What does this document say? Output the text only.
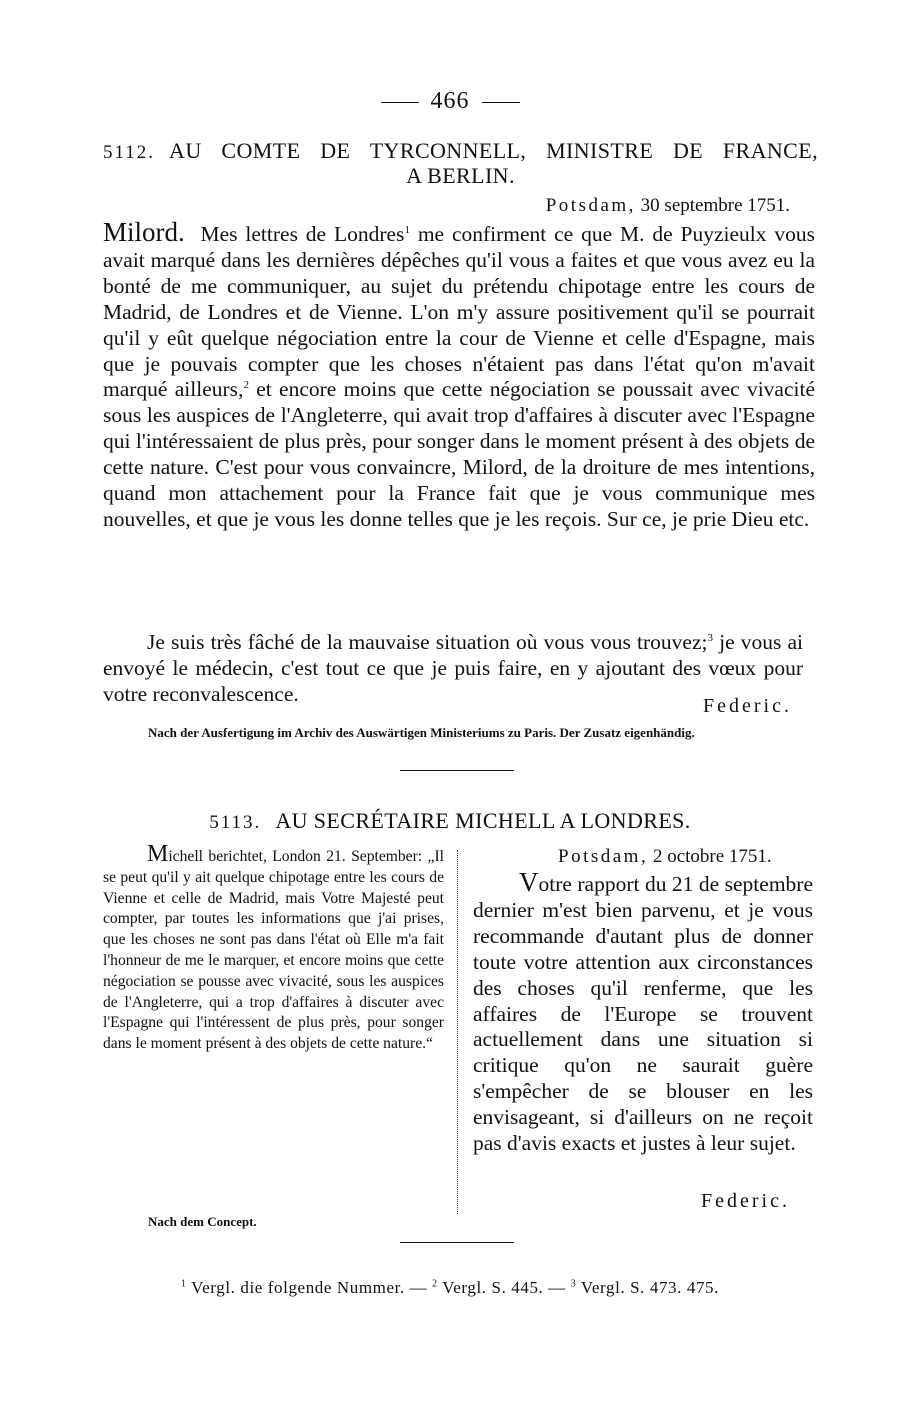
466
5112. AU COMTE DE TYRCONNELL, MINISTRE DE FRANCE,
A BERLIN.
Potsdam, 30 septembre 1751.
Milord. Mes lettres de Londres$^1$ me confirment ce que M. de Puyzieulx vous avait marqué dans les dernières dépêches qu'il vous a faites et que vous avez eu la bonté de me communiquer, au sujet du prétendu chipotage entre les cours de Madrid, de Londres et de Vienne. L'on m'y assure positivement qu'il se pourrait qu'il y eût quelque négociation entre la cour de Vienne et celle d'Espagne, mais que je pouvais compter que les choses n'étaient pas dans l'état qu'on m'avait marqué ailleurs,$^2$ et encore moins que cette négociation se poussait avec vivacité sous les auspices de l'Angleterre, qui avait trop d'affaires à discuter avec l'Espagne qui l'intéressaient de plus près, pour songer dans le moment présent à des objets de cette nature. C'est pour vous convaincre, Milord, de la droiture de mes intentions, quand mon attachement pour la France fait que je vous communique mes nouvelles, et que je vous les donne telles que je les reçois. Sur ce, je prie Dieu etc.
Je suis très fâché de la mauvaise situation où vous vous trouvez;$^3$ je vous ai envoyé le médecin, c'est tout ce que je puis faire, en y ajoutant des vœux pour votre reconvalescence.
Federic.
Nach der Ausfertigung im Archiv des Auswärtigen Ministeriums zu Paris. Der Zusatz eigenhändig.
5113. AU SECRÉTAIRE MICHELL A LONDRES.
Michell berichtet, London 21. September: „Il se peut qu'il y ait quelque chipotage entre les cours de Vienne et celle de Madrid, mais Votre Majesté peut compter, par toutes les informations que j'ai prises, que les choses ne sont pas dans l'état où Elle m'a fait l'honneur de me le marquer, et encore moins que cette négociation se pousse avec vivacité, sous les auspices de l'Angleterre, qui a trop d'affaires à discuter avec l'Espagne qui l'intéressent de plus près, pour songer dans le moment présent à des objets de cette nature.“
Potsdam, 2 octobre 1751.
Votre rapport du 21 de septembre dernier m'est bien parvenu, et je vous recommande d'autant plus de donner toute votre attention aux circonstances des choses qu'il renferme, que les affaires de l'Europe se trouvent actuellement dans une situation si critique qu'on ne saurait guère s'empêcher de se blouser en les envisageant, si d'ailleurs on ne reçoit pas d'avis exacts et justes à leur sujet.
Federic.
Nach dem Concept.
$^1$ Vergl. die folgende Nummer. — $^2$ Vergl. S. 445. — $^3$ Vergl. S. 473. 475.
